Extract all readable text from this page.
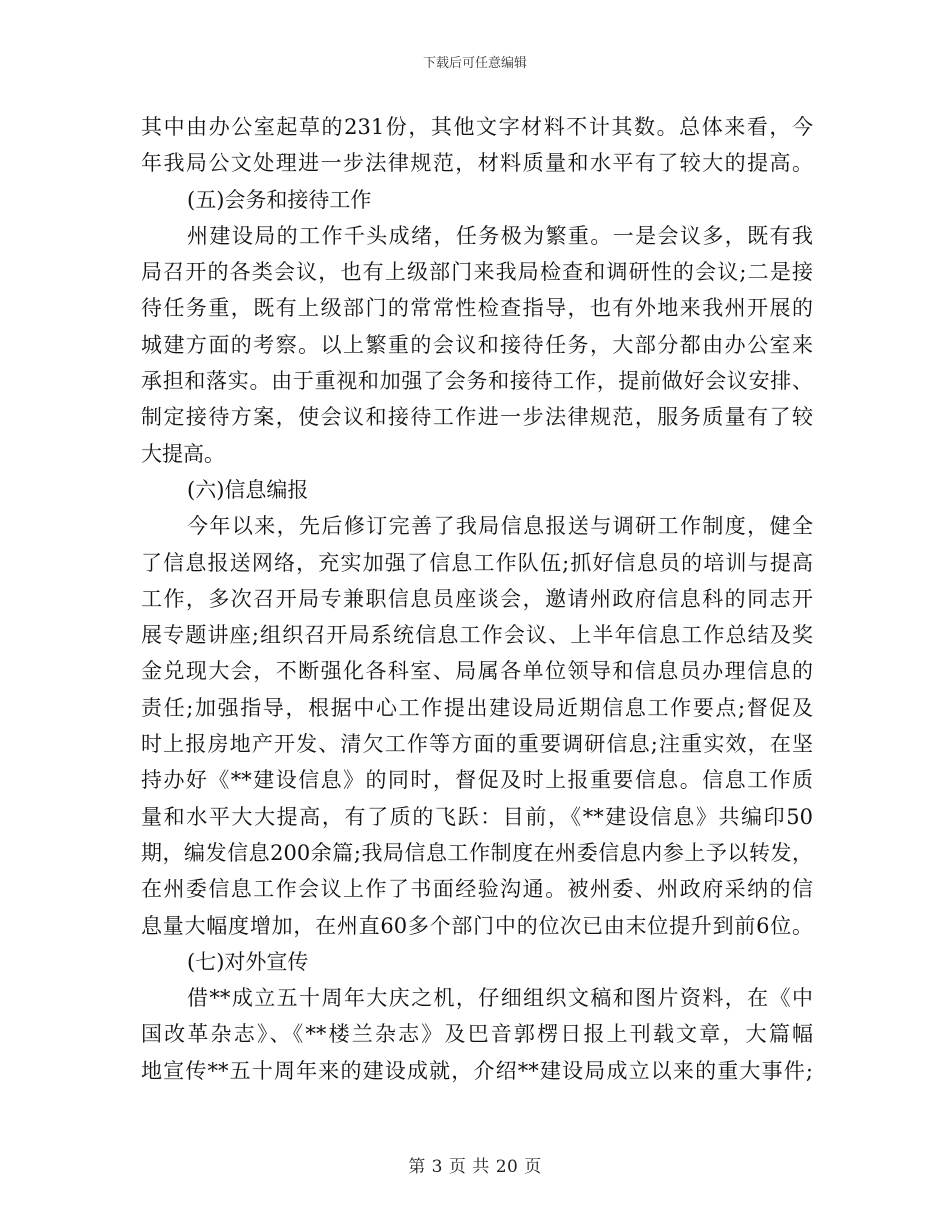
下载后可任意编辑
其中由办公室起草的231份，其他文字材料不计其数。总体来看，今
年我局公文处理进一步法律规范，材料质量和水平有了较大的提高。
(五)会务和接待工作
州建设局的工作千头成绪，任务极为繁重。一是会议多，既有我
局召开的各类会议，也有上级部门来我局检查和调研性的会议;二是接
待任务重，既有上级部门的常常性检查指导，也有外地来我州开展的
城建方面的考察。以上繁重的会议和接待任务，大部分都由办公室来
承担和落实。由于重视和加强了会务和接待工作，提前做好会议安排、
制定接待方案，使会议和接待工作进一步法律规范，服务质量有了较
大提高。
(六)信息编报
今年以来，先后修订完善了我局信息报送与调研工作制度，健全
了信息报送网络，充实加强了信息工作队伍;抓好信息员的培训与提高
工作，多次召开局专兼职信息员座谈会，邀请州政府信息科的同志开
展专题讲座;组织召开局系统信息工作会议、上半年信息工作总结及奖
金兑现大会，不断强化各科室、局属各单位领导和信息员办理信息的
责任;加强指导，根据中心工作提出建设局近期信息工作要点;督促及
时上报房地产开发、清欠工作等方面的重要调研信息;注重实效，在坚
持办好《**建设信息》的同时，督促及时上报重要信息。信息工作质
量和水平大大提高，有了质的飞跃：目前，《**建设信息》共编印50
期，编发信息200余篇;我局信息工作制度在州委信息内参上予以转发，
在州委信息工作会议上作了书面经验沟通。被州委、州政府采纳的信
息量大幅度增加，在州直60多个部门中的位次已由末位提升到前6位。
(七)对外宣传
借**成立五十周年大庆之机，仔细组织文稿和图片资料，在《中
国改革杂志》、《**楼兰杂志》及巴音郭楞日报上刊载文章，大篇幅
地宣传**五十周年来的建设成就，介绍**建设局成立以来的重大事件;
第 3 页 共 20 页
